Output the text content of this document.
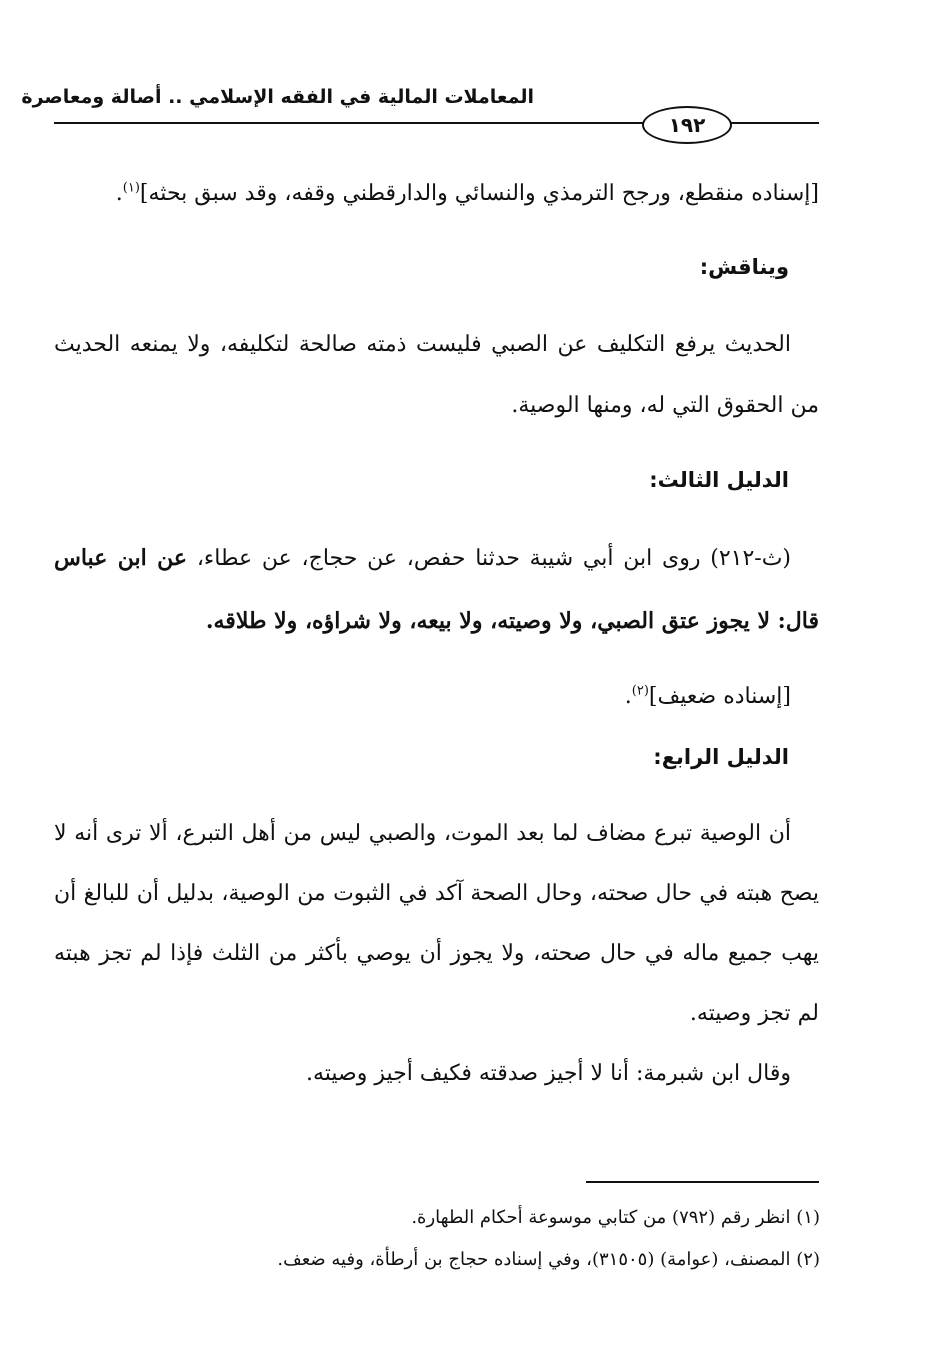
المعاملات المالية في الفقه الإسلامي .. أصالة ومعاصرة
١٩٢

[إسناده منقطع، ورجح الترمذي والنسائي والدارقطني وقفه، وقد سبق بحثه]$^{(١)}$.

ويناقش:

الحديث يرفع التكليف عن الصبي فليست ذمته صالحة لتكليفه، ولا يمنعه الحديث من الحقوق التي له، ومنها الوصية.

الدليل الثالث:

(ث-٢١٢) روى ابن أبي شيبة حدثنا حفص، عن حجاج، عن عطاء، عن ابن عباس قال: لا يجوز عتق الصبي، ولا وصيته، ولا بيعه، ولا شراؤه، ولا طلاقه.

[إسناده ضعيف]$^{(٢)}$.

الدليل الرابع:

أن الوصية تبرع مضاف لما بعد الموت، والصبي ليس من أهل التبرع، ألا ترى أنه لا يصح هبته في حال صحته، وحال الصحة آكد في الثبوت من الوصية، بدليل أن للبالغ أن يهب جميع ماله في حال صحته، ولا يجوز أن يوصي بأكثر من الثلث فإذا لم تجز هبته لم تجز وصيته.

وقال ابن شبرمة: أنا لا أجيز صدقته فكيف أجيز وصيته.

(١) انظر رقم (٧٩٢) من كتابي موسوعة أحكام الطهارة.

(٢) المصنف، (عوامة) (٣١٥٠٥)، وفي إسناده حجاج بن أرطأة، وفيه ضعف.
